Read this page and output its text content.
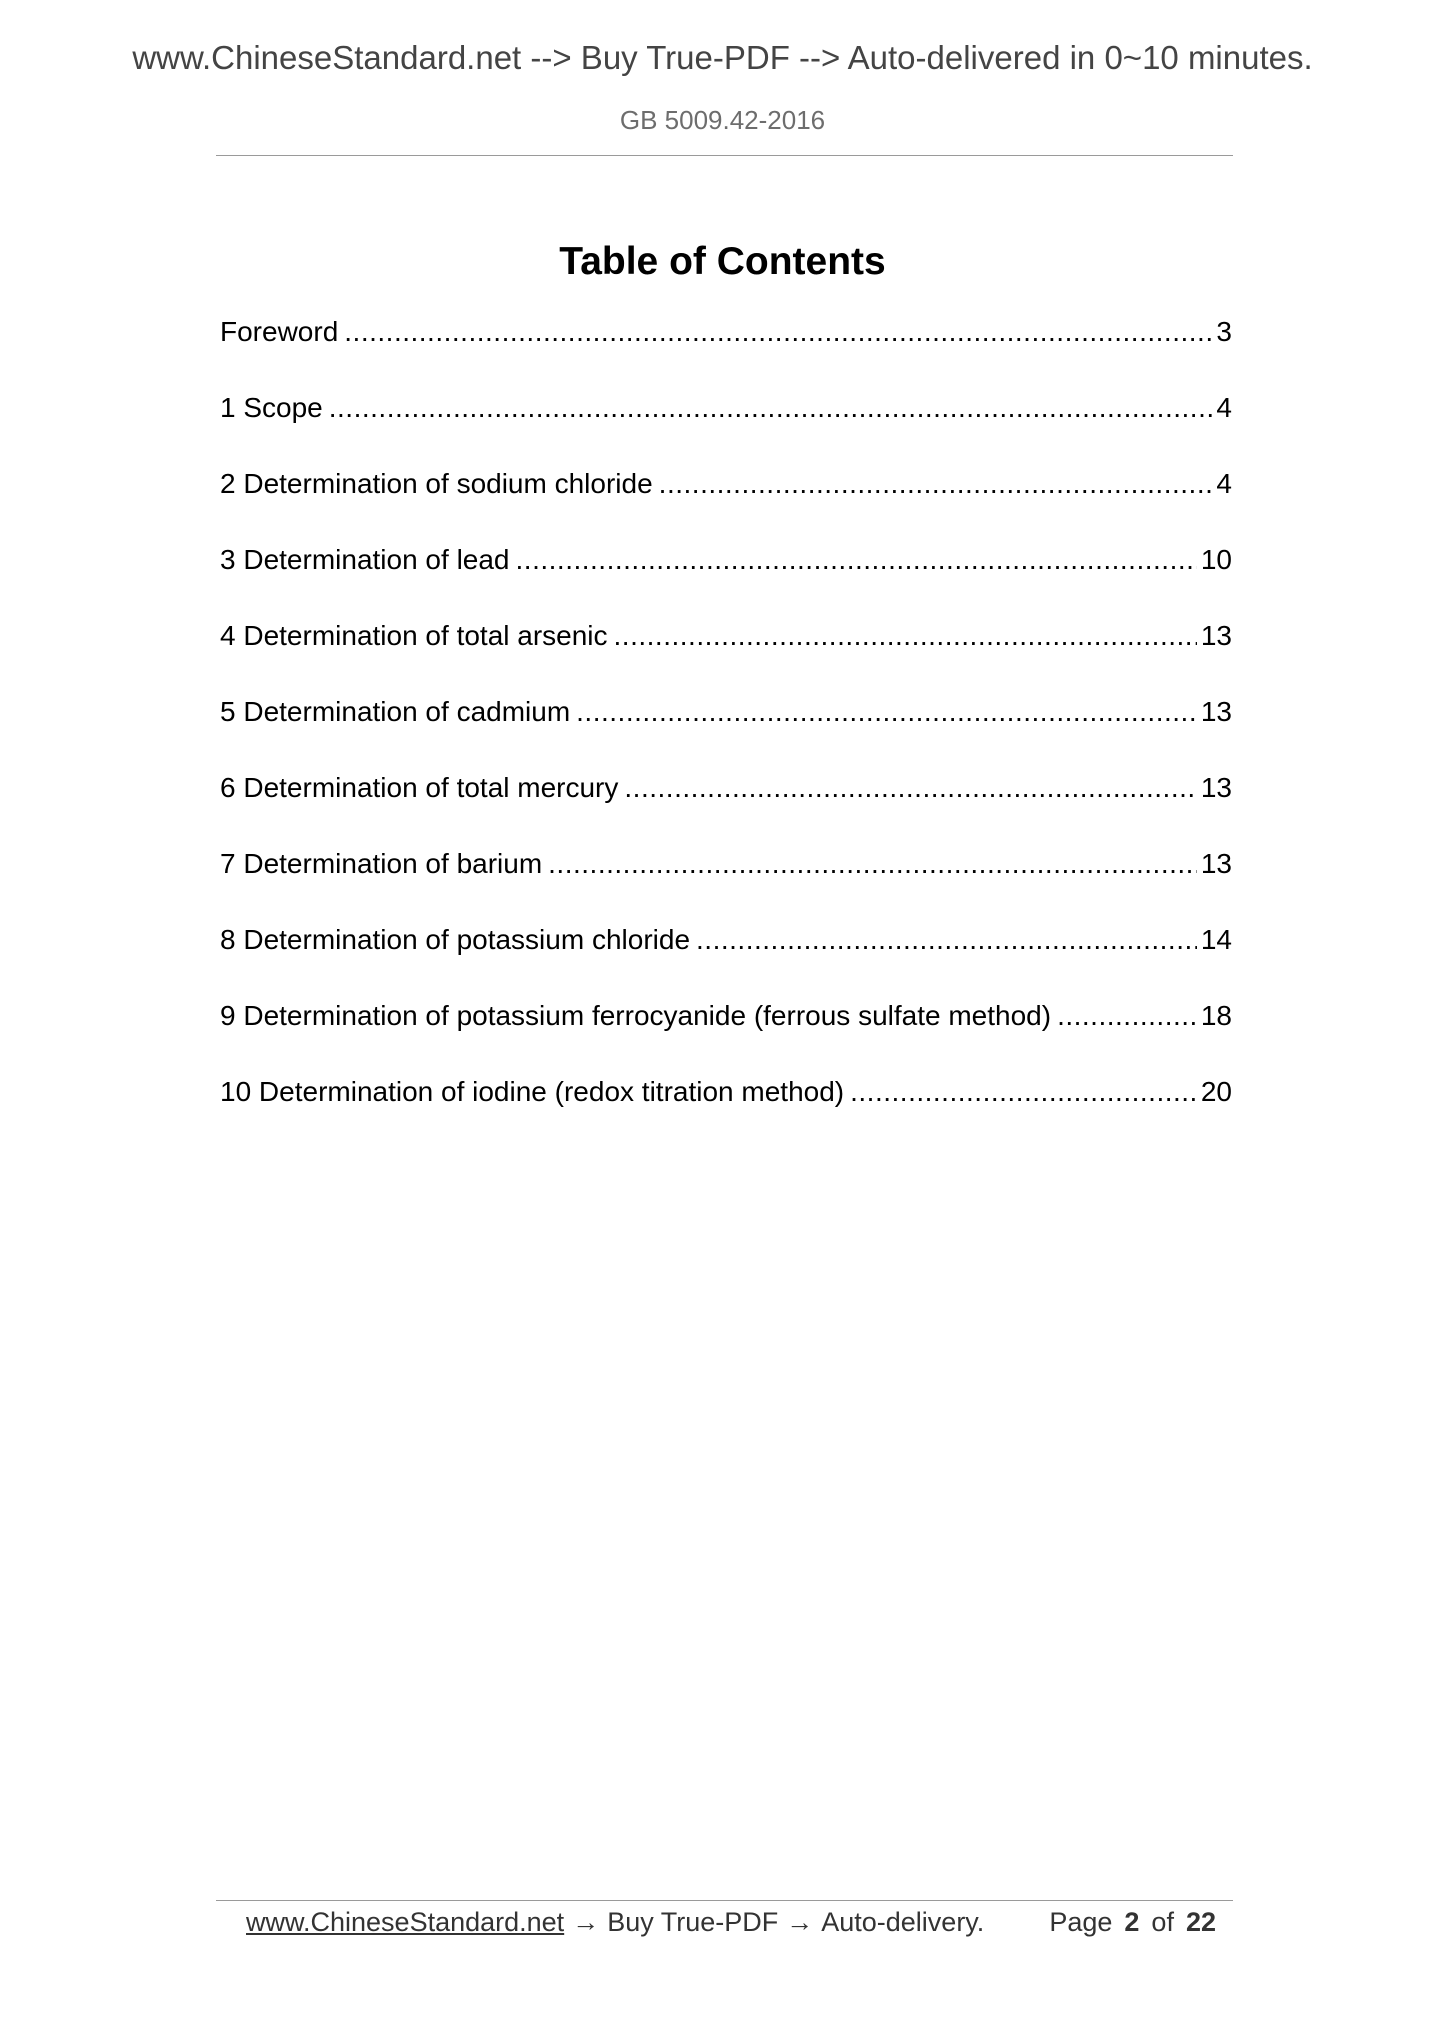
www.ChineseStandard.net --> Buy True-PDF --> Auto-delivered in 0~10 minutes.
GB 5009.42-2016
Table of Contents
Foreword .....	3
1 Scope .....	4
2 Determination of sodium chloride .....	4
3 Determination of lead .....	10
4 Determination of total arsenic .....	13
5 Determination of cadmium .....	13
6 Determination of total mercury .....	13
7 Determination of barium .....	13
8 Determination of potassium chloride .....	14
9 Determination of potassium ferrocyanide (ferrous sulfate method) .....	18
10 Determination of iodine (redox titration method) .....	20
www.ChineseStandard.net → Buy True-PDF → Auto-delivery. Page 2 of 22
